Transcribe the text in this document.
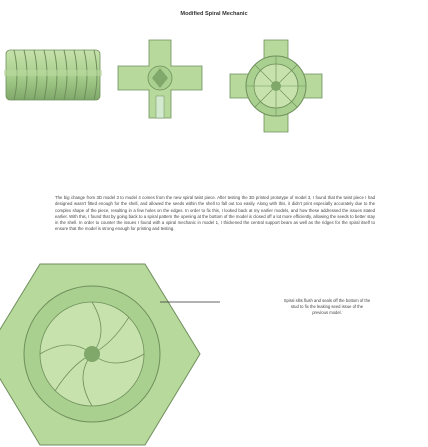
Modified Spiral Mechanic

The big change from 3D model 3 to model 4 comes from the new spiral twist piece. After testing the 3D printed prototype of model 3, I found that the twist piece I had designed wasn't fitted enough for the shell, and allowed the seeds within the shell to fall out too easily. Along with this, it didn't print especially accurately due to the complex shape of the piece, resulting in a few holes on the edges. In order to fix this, I looked back at my earlier models, and how these addressed the issues stated earlier. With this, I found that by going back to a spiral pattern the opening at the bottom of the model is closed off a lot more efficiently, allowing the seeds to better stay in the shell. In order to counter the issues I found with a spiral mechanic in model 1, I thickened the central support beam as well as the ridges for the spiral itself to ensure that the model is strong enough for printing and testing.

Spiral slits flush and seals off the bottom of the stud to fix the leaking seed issue of the previous model.
